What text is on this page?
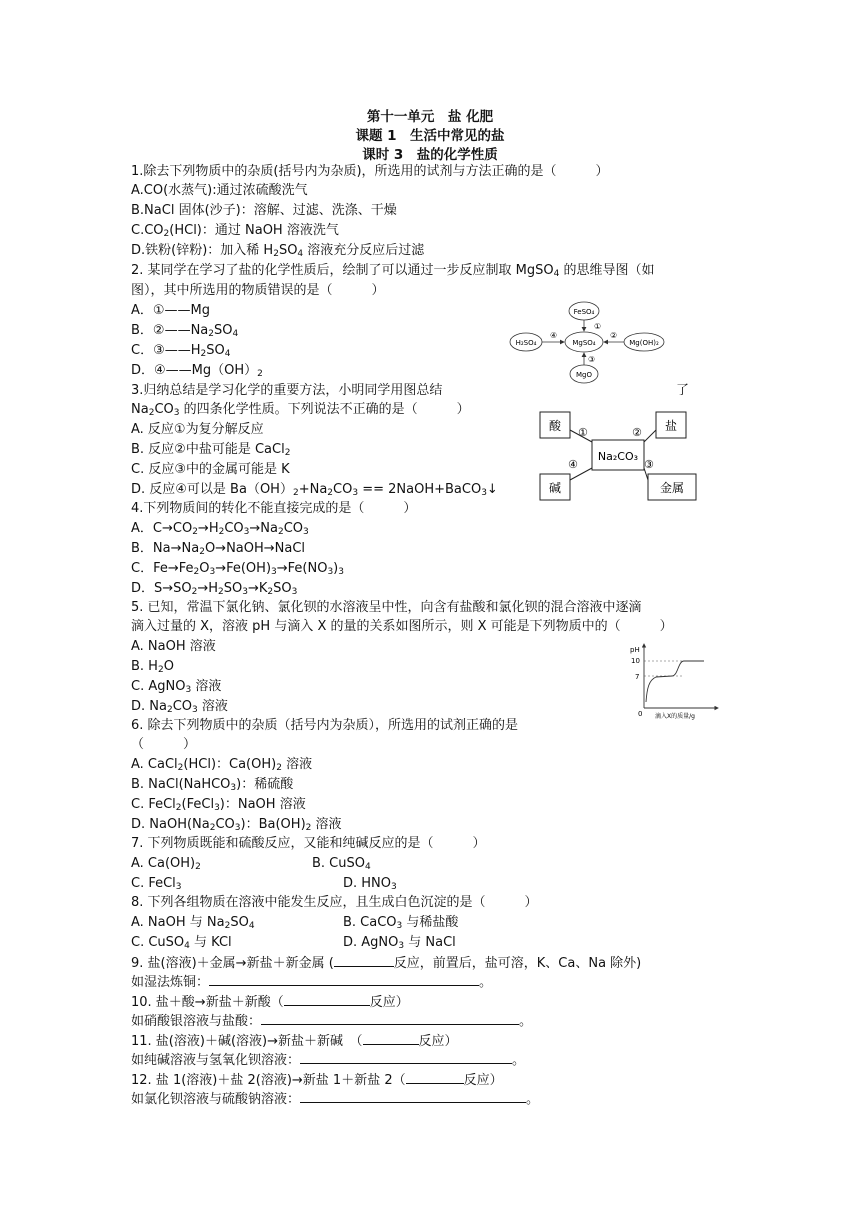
第十一单元　盐 化肥
课题 1　生活中常见的盐
课时 3　盐的化学性质
1.除去下列物质中的杂质(括号内为杂质)，所选用的试剂与方法正确的是（　　　）
A.CO(水蒸气):通过浓硫酸洗气
B.NaCl 固体(沙子)：溶解、过滤、洗涤、干燥
$C.CO_2(HCl)$：通过 NaOH 溶液洗气
D.铁粉(锌粉)：加入稀 $H_2SO_4$ 溶液充分反应后过滤
2. 某同学在学习了盐的化学性质后，绘制了可以通过一步反应制取 MgSO$_4$ 的思维导图（如
图），其中所选用的物质错误的是（　　　）
A．①——Mg
B．$②——Na_2SO_4$
C．$③——H_2SO_4$
D．$④——Mg(OH)_2$
MgSO₄
FeSO₄
H₂SO₄	Mg(OH)₂
MgO
①
②
③
④
3.归纳总结是学习化学的重要方法，小明同学用图总结	了
$Na_2CO_3$ 的四条化学性质。下列说法不正确的是（　　　）
A. 反应①为复分解反应
B. 反应②中盐可能是 CaCl$_2$
C. 反应③中的金属可能是 K
D. 反应④可以是 $Ba(OH)_2+Na_2CO_3$ == 2NaOH+BaCO$_3$↓
Na₂CO₃
酸	盐
碱	金属
①	②
③
④
4.下列物质间的转化不能直接完成的是（　　　）
A．$C\to CO_2\to H_2CO_3\to Na_2CO_3$
B．$Na\to Na_2O\to NaOH\to NaCl$
C．$Fe\to Fe_2O_3\to Fe(OH)_3\to Fe(NO_3)_3$
D．$S\to SO_2\to H_2SO_3\to K_2SO_3$
5. 已知，常温下氯化钠、氯化钡的水溶液呈中性，向含有盐酸和氯化钡的混合溶液中逐滴
滴入过量的 X，溶液 pH 与滴入 X 的量的关系如图所示，则 X 可能是下列物质中的（　　　）
A. NaOH 溶液
B. $H_2O$
C. AgNO$_3$ 溶液
D. $Na_2CO_3$ 溶液
pH
10
7
0 滴入X的质量/g
6. 除去下列物质中的杂质（括号内为杂质），所选用的试剂正确的是
（　　　）
A. CaCl$_2$(HCl)：$Ca(OH)_2$ 溶液
B. NaCl(NaHCO$_3$)：稀硫酸
C. FeCl$_2$(FeCl$_3$)：NaOH 溶液
D. $NaOH(Na_2CO_3)$：$Ba(OH)_2$ 溶液
7. 下列物质既能和硫酸反应，又能和纯碱反应的是（　　　）
A. $Ca(OH)_2$	B. CuSO$_4$
C. FeCl$_3$	D. $HNO_3$
8. 下列各组物质在溶液中能发生反应，且生成白色沉淀的是（　　　）
A. NaOH 与 $Na_2SO_4$	B. CaCO$_3$ 与稀盐酸
C. CuSO$_4$ 与 KCl	D. AgNO$_3$ 与 NaCl
9. 盐(溶液)＋金属→新盐＋新金属 (	反应，前置后，盐可溶，K、Ca、Na 除外)
如湿法炼铜：	。
10. 盐＋酸→新盐＋新酸（	反应）
如硝酸银溶液与盐酸：	。
11. 盐(溶液)＋碱(溶液)→新盐＋新碱　（	反应）
如纯碱溶液与氢氧化钡溶液：	。
12. 盐 1(溶液)＋盐 2(溶液)→新盐 1＋新盐 2（	反应）
如氯化钡溶液与硫酸钠溶液：	。
